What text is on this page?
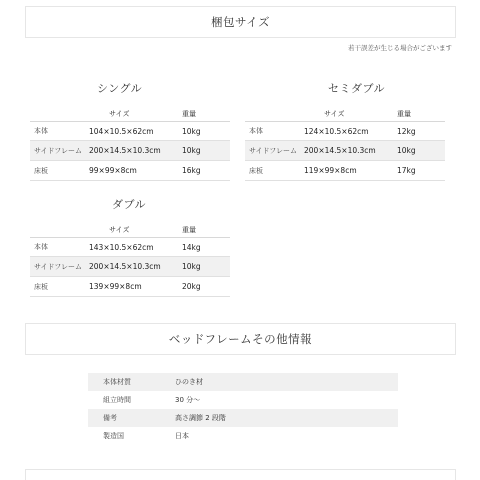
梱包サイズ
若干誤差が生じる場合がございます
シングル
サイズ	重量
本体	104×10.5×62cm	10kg
サイドフレーム 200×14.5×10.3cm	10kg
床板	99×99×8cm	16kg
セミダブル
サイズ	重量
本体	124×10.5×62cm	12kg
サイドフレーム 200×14.5×10.3cm	10kg
床板	119×99×8cm	17kg
ダブル
サイズ	重量
本体	143×10.5×62cm	14kg
サイドフレーム 200×14.5×10.3cm	10kg
床板	139×99×8cm	20kg
ベッドフレームその他情報
本体材質	ひのき材
組立時間	30 分〜
備考	高さ調節 2 段階
製造国	日本
